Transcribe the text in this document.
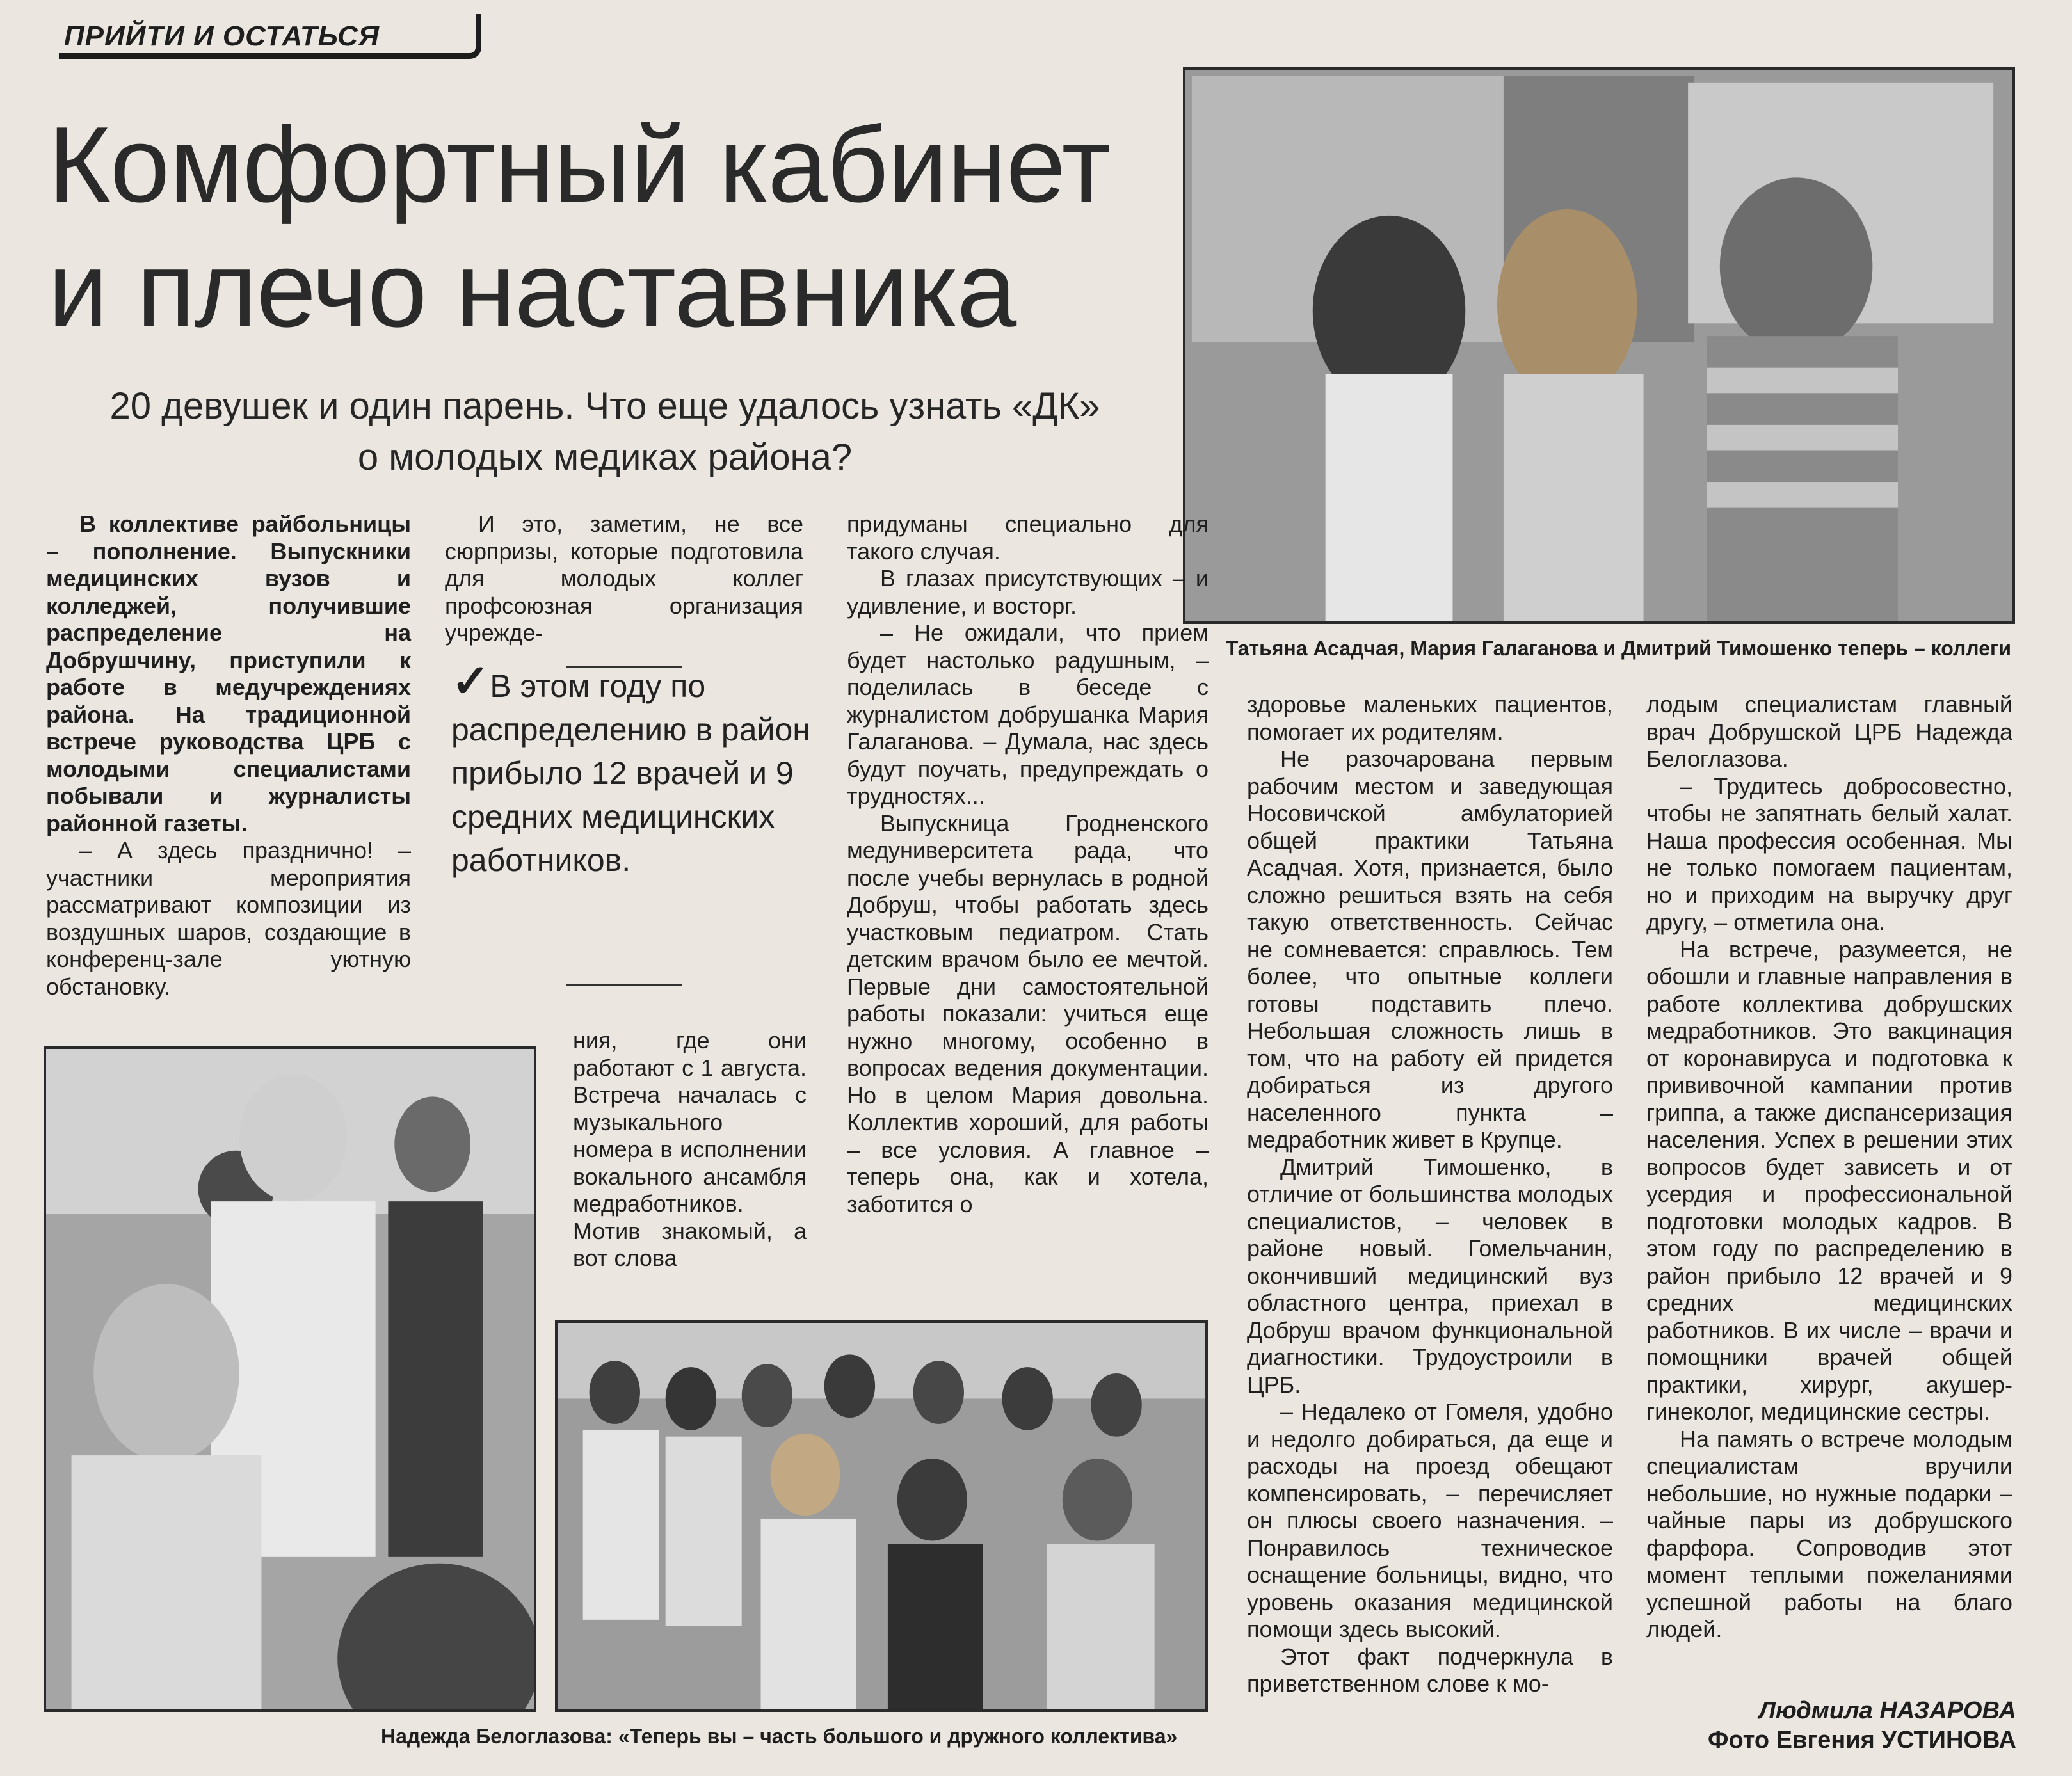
ПРИЙТИ И ОСТАТЬСЯ
Комфортный кабинет
и плечо наставника
20 девушек и один парень. Что еще удалось узнать «ДК»
о молодых медиках района?
Татьяна Асадчая, Мария Галаганова и Дмитрий Тимошенко теперь – коллеги

В коллективе райбольницы – пополнение. Выпускники медицинских вузов и колледжей, получившие распределение на Добрушчину, приступили к работе в медучреждениях района. На традиционной встрече руководства ЦРБ с молодыми специалистами побывали и журналисты районной газеты.

– А здесь празднично! – участники мероприятия рассматривают композиции из воздушных шаров, создающие в конференц-зале уютную обстановку.

И это, заметим, не все сюрпризы, которые подготовила для молодых коллег профсоюзная организация учрежде-

✓В этом году по распределению в район прибыло 12 врачей и 9 средних медицинских работников.

ния, где они работают с 1 августа. Встреча началась с музыкального номера в исполнении вокального ансамбля медработников. Мотив знакомый, а вот слова

придуманы специально для такого случая.

В глазах присутствующих – и удивление, и восторг.

– Не ожидали, что прием будет настолько радушным, – поделилась в беседе с журналистом добрушанка Мария Галаганова. – Думала, нас здесь будут поучать, предупреждать о трудностях...

Выпускница Гродненского медуниверситета рада, что после учебы вернулась в родной Добруш, чтобы работать здесь участковым педиатром. Стать детским врачом было ее мечтой. Первые дни самостоятельной работы показали: учиться еще нужно многому, особенно в вопросах ведения документации. Но в целом Мария довольна. Коллектив хороший, для работы – все условия. А главное – теперь она, как и хотела, заботится о

здоровье маленьких пациентов, помогает их родителям.

Не разочарована первым рабочим местом и заведующая Носовичской амбулаторией общей практики Татьяна Асадчая. Хотя, признается, было сложно решиться взять на себя такую ответственность. Сейчас не сомневается: справлюсь. Тем более, что опытные коллеги готовы подставить плечо. Небольшая сложность лишь в том, что на работу ей придется добираться из другого населенного пункта – медработник живет в Крупце.

Дмитрий Тимошенко, в отличие от большинства молодых специалистов, – человек в районе новый. Гомельчанин, окончивший медицинский вуз областного центра, приехал в Добруш врачом функциональной диагностики. Трудоустроили в ЦРБ.

– Недалеко от Гомеля, удобно и недолго добираться, да еще и расходы на проезд обещают компенсировать, – перечисляет он плюсы своего назначения. – Понравилось техническое оснащение больницы, видно, что уровень оказания медицинской помощи здесь высокий.

Этот факт подчеркнула в приветственном слове к мо-

лодым специалистам главный врач Добрушской ЦРБ Надежда Белоглазова.

– Трудитесь добросовестно, чтобы не запятнать белый халат. Наша профессия особенная. Мы не только помогаем пациентам, но и приходим на выручку друг другу, – отметила она.

На встрече, разумеется, не обошли и главные направления в работе коллектива добрушских медработников. Это вакцинация от коронавируса и подготовка к прививочной кампании против гриппа, а также диспансеризация населения. Успех в решении этих вопросов будет зависеть и от усердия и профессиональной подготовки молодых кадров. В этом году по распределению в район прибыло 12 врачей и 9 средних медицинских работников. В их числе – врачи и помощники врачей общей практики, хирург, акушер-гинеколог, медицинские сестры.

На память о встрече молодым специалистам вручили небольшие, но нужные подарки – чайные пары из добрушского фарфора. Сопроводив этот момент теплыми пожеланиями успешной работы на благо людей.

Людмила НАЗАРОВА
Фото Евгения УСТИНОВА
Надежда Белоглазова: «Теперь вы – часть большого и дружного коллектива»
